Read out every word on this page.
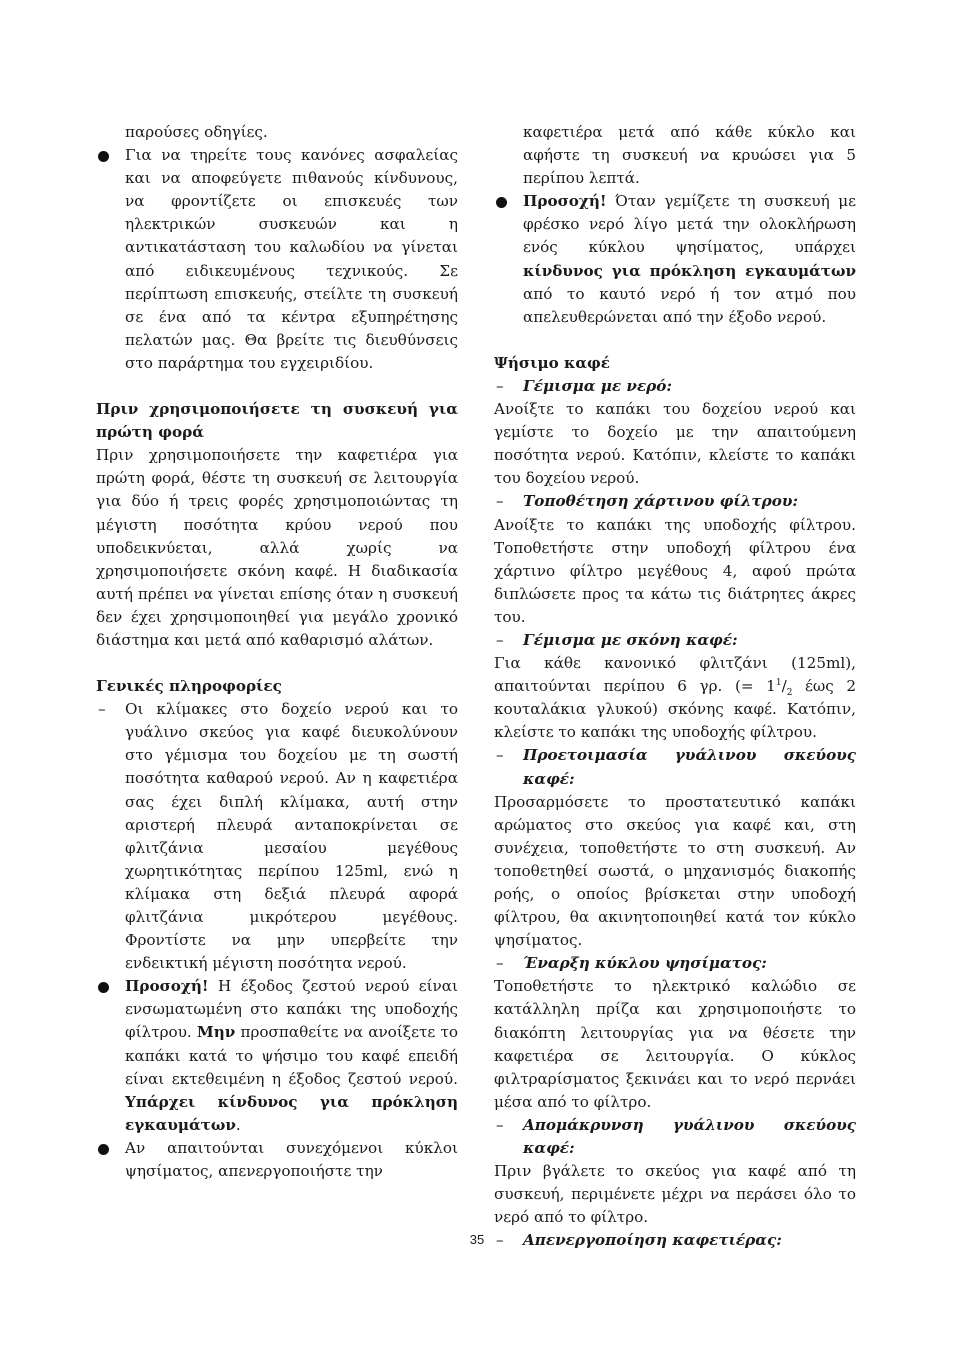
παρούσες οδηγίες.

Για να τηρείτε τους κανόνες ασφαλείας και να αποφεύγετε πιθανούς κίνδυνους, να φροντίζετε οι επισκευές των ηλεκτρικών συσκευών και η αντικατάσταση του καλωδίου να γίνεται από ειδικευμένους τεχνικούς. Σε περίπτωση επισκευής, στείλτε τη συσκευή σε ένα από τα κέντρα εξυπηρέτησης πελατών μας. Θα βρείτε τις διευθύνσεις στο παράρτημα του εγχειριδίου.

Πριν χρησιμοποιήσετε τη συσκευή για πρώτη φορά

Πριν χρησιμοποιήσετε την καφετιέρα για πρώτη φορά, θέστε τη συσκευή σε λειτουργία για δύο ή τρεις φορές χρησιμοποιώντας τη μέγιστη ποσότητα κρύου νερού που υποδεικνύεται, αλλά χωρίς να χρησιμοποιήσετε σκόνη καφέ. Η διαδικασία αυτή πρέπει να γίνεται επίσης όταν η συσκευή δεν έχει χρησιμοποιηθεί για μεγάλο χρονικό διάστημα και μετά από καθαρισμό αλάτων.

Γενικές πληροφορίες

– Οι κλίμακες στο δοχείο νερού και το γυάλινο σκεύος για καφέ διευκολύνουν στο γέμισμα του δοχείου με τη σωστή ποσότητα καθαρού νερού. Αν η καφετιέρα σας έχει διπλή κλίμακα, αυτή στην αριστερή πλευρά ανταποκρίνεται σε φλιτζάνια μεσαίου μεγέθους χωρητικότητας περίπου 125ml, ενώ η κλίμακα στη δεξιά πλευρά αφορά φλιτζάνια μικρότερου μεγέθους. Φροντίστε να μην υπερβείτε την ενδεικτική μέγιστη ποσότητα νερού.
Προσοχή! Η έξοδος ζεστού νερού είναι ενσωματωμένη στο καπάκι της υποδοχής φίλτρου. Μην προσπαθείτε να ανοίξετε το καπάκι κατά το ψήσιμο του καφέ επειδή είναι εκτεθειμένη η έξοδος ζεστού νερού. Υπάρχει κίνδυνος για πρόκληση εγκαυμάτων.
Αν απαιτούνται συνεχόμενοι κύκλοι ψησίματος, απενεργοποιήστε την

καφετιέρα μετά από κάθε κύκλο και αφήστε τη συσκευή να κρυώσει για 5 περίπου λεπτά.

Προσοχή! Όταν γεμίζετε τη συσκευή με φρέσκο νερό λίγο μετά την ολοκλήρωση ενός κύκλου ψησίματος, υπάρχει κίνδυνος για πρόκληση εγκαυμάτων από το καυτό νερό ή τον ατμό που απελευθερώνεται από την έξοδο νερού.

Ψήσιμο καφέ

– Γέμισμα με νερό:

Ανοίξτε το καπάκι του δοχείου νερού και γεμίστε το δοχείο με την απαιτούμενη ποσότητα νερού. Κατόπιν, κλείστε το καπάκι του δοχείου νερού.

– Τοποθέτηση χάρτινου φίλτρου:

Ανοίξτε το καπάκι της υποδοχής φίλτρου. Τοποθετήστε στην υποδοχή φίλτρου ένα χάρτινο φίλτρο μεγέθους 4, αφού πρώτα διπλώσετε προς τα κάτω τις διάτρητες άκρες του.

– Γέμισμα με σκόνη καφέ:

Για κάθε κανονικό φλιτζάνι (125ml), απαιτούνται περίπου 6 γρ. (= $1^1/_2$ έως 2 κουταλάκια γλυκού) σκόνης καφέ. Κατόπιν, κλείστε το καπάκι της υποδοχής φίλτρου.

– Προετοιμασία γυάλινου σκεύους καφέ:

Προσαρμόσετε το προστατευτικό καπάκι αρώματος στο σκεύος για καφέ και, στη συνέχεια, τοποθετήστε το στη συσκευή. Αν τοποθετηθεί σωστά, ο μηχανισμός διακοπής ροής, ο οποίος βρίσκεται στην υποδοχή φίλτρου, θα ακινητοποιηθεί κατά τον κύκλο ψησίματος.

– Έναρξη κύκλου ψησίματος:

Τοποθετήστε το ηλεκτρικό καλώδιο σε κατάλληλη πρίζα και χρησιμοποιήστε το διακόπτη λειτουργίας για να θέσετε την καφετιέρα σε λειτουργία. Ο κύκλος φιλτραρίσματος ξεκινάει και το νερό περνάει μέσα από το φίλτρο.

– Απομάκρυνση γυάλινου σκεύους καφέ:

Πριν βγάλετε το σκεύος για καφέ από τη συσκευή, περιμένετε μέχρι να περάσει όλο το νερό από το φίλτρο.

– Απενεργοποίηση καφετιέρας:
35
